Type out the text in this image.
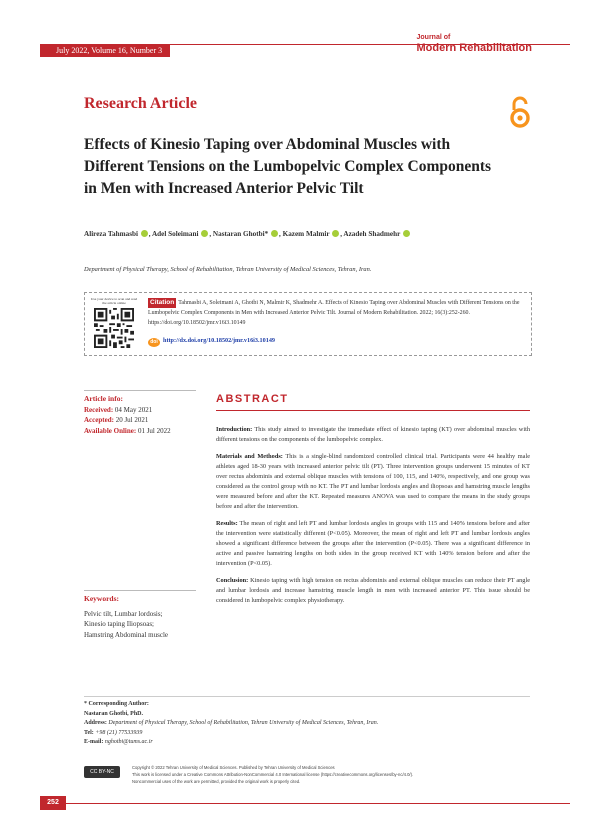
July 2022, Volume 16, Number 3
Journal of
Modern Rehabilitation
Research Article
Effects of Kinesio Taping over Abdominal Muscles with Different Tensions on the Lumbopelvic Complex Components in Men with Increased Anterior Pelvic Tilt
Alireza Tahmasbi , Adel Soleimani , Nastaran Ghotbi* , Kazem Malmir , Azadeh Shadmehr
Department of Physical Therapy, School of Rehabilitation, Tehran University of Medical Sciences, Tehran, Iran.
Use your device to scan and read the article online	Citation Tahmasbi A, Soleimani A, Ghotbi N, Malmir K, Shadmehr A. Effects of Kinesio Taping over Abdominal Muscles with Different Tensions on the Lumbopelvic Complex Components in Men with Increased Anterior Pelvic Tilt. Journal of Modern Rehabilitation. 2022; 16(3):252-260. https://doi.org/10.18502/jmr.v16i3.10149
doi http://dx.doi.org/10.18502/jmr.v16i3.10149
Article info:
Received: 04 May 2021
Accepted: 20 Jul 2021
Available Online: 01 Jul 2022
Keywords:
Pelvic tilt, Lumbar lordosis;
Kinesio taping Iliopsoas;
Hamstring Abdominal muscle
ABSTRACT

Introduction: This study aimed to investigate the immediate effect of kinesio taping (KT) over abdominal muscles with different tensions on the components of the lumbopelvic complex.

Materials and Methods: This is a single-blind randomized controlled clinical trial. Participants were 44 healthy male athletes aged 18-30 years with increased anterior pelvic tilt (PT). Three intervention groups underwent 15 minutes of KT over rectus abdominis and external oblique muscles with tensions of 100, 115, and 140%, respectively, and one group was considered as the control group with no KT. The PT and lumbar lordosis angles and iliopsoas and hamstring muscle lengths were measured before and after the KT. Repeated measures ANOVA was used to compare the means in the study groups before and after the intervention.

Results: The mean of right and left PT and lumbar lordosis angles in groups with 115 and 140% tensions before and after the intervention were statistically different (P<0.05). Moreover, the mean of right and left PT and lumbar lordosis angles showed a significant difference between the groups after the intervention (P<0.05). There was a significant difference in active and passive hamstring lengths on both sides in the group received KT with 140% tension before and after the intervention (P<0.05).

Conclusion: Kinesio taping with high tension on rectus abdominis and external oblique muscles can reduce their PT angle and lumbar lordosis and increase hamstring muscle length in men with increased anterior PT. This issue should be considered in lumbopelvic complex physiotherapy.

* Corresponding Author:
Nastaran Ghotbi, PhD.
Address: Department of Physical Therapy, School of Rehabilitation, Tehran University of Medical Sciences, Tehran, Iran.
Tel: +98 (21) 77533939
E-mail: nghotbi@tums.ac.ir
CC BY-NC
Copyright © 2022 Tehran University of Medical Sciences. Published by Tehran University of Medical Sciences
This work is licensed under a Creative Commons Attribution-NonCommercial 4.0 International license (https://creativecommons.org/licenses/by-nc/4.0/).
Noncommercial uses of the work are permitted, provided the original work is properly cited.
252
